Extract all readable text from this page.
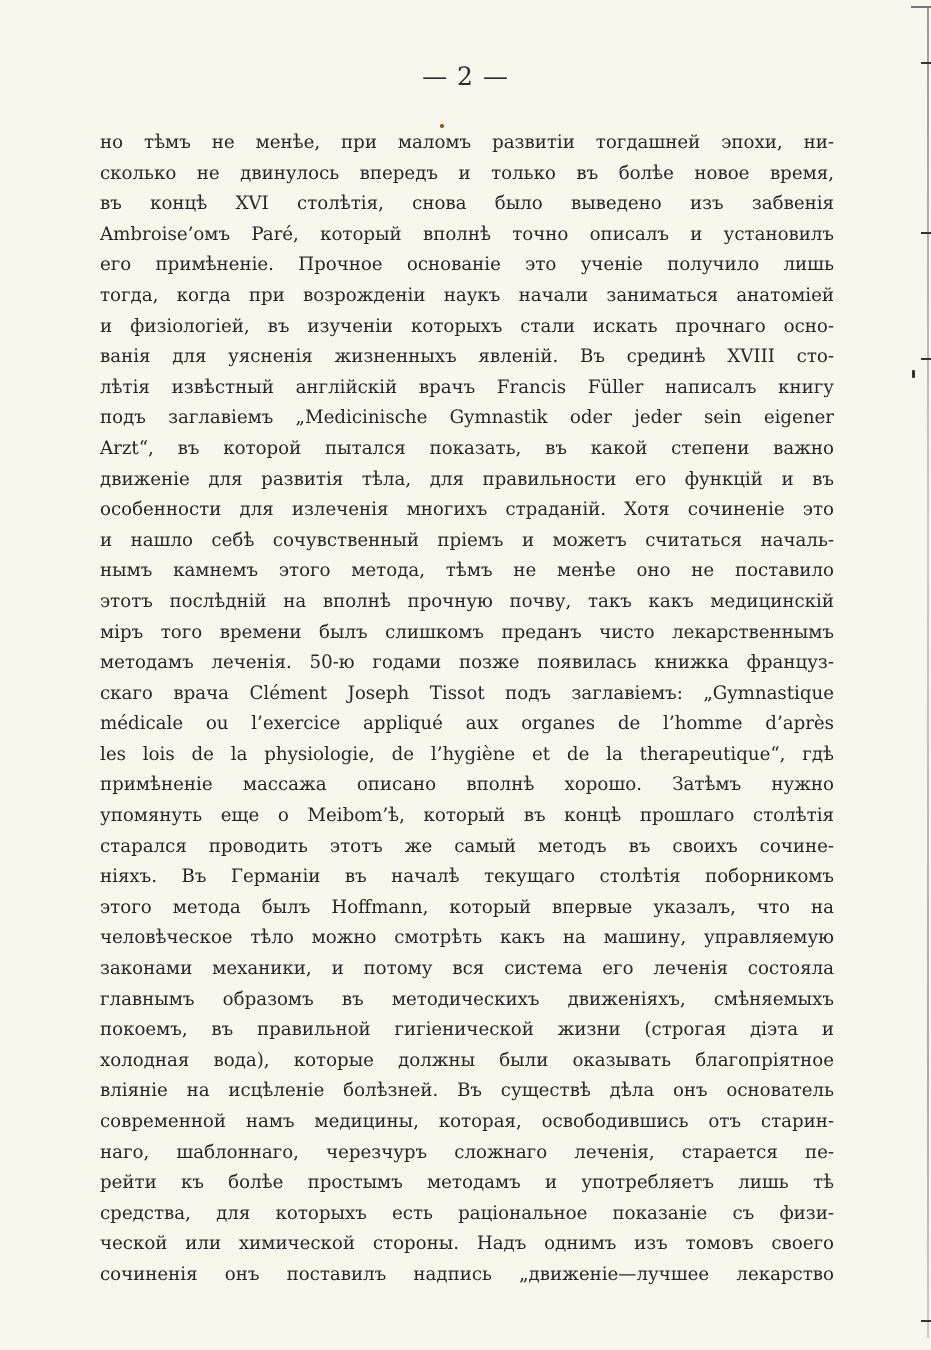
— 2 —
но тѣмъ не менѣе, при маломъ развитіи тогдашней эпохи, ни-
сколько не двинулось впередъ и только въ болѣе новое время,
въ концѣ XVI столѣтія, снова было выведено изъ забвенія
Ambroise’омъ Paré, который вполнѣ точно описалъ и установилъ
его примѣненіе. Прочное основаніе это ученіе получило лишь
тогда, когда при возрожденіи наукъ начали заниматься анатоміей
и физіологіей, въ изученіи которыхъ стали искать прочнаго осно-
ванія для уясненія жизненныхъ явленій. Въ срединѣ XVIII сто-
лѣтія извѣстный англійскій врачъ Francis Füller написалъ книгу
подъ заглавіемъ „Medicinische Gymnastik oder jeder sein eigener
Arzt“, въ которой пытался показать, въ какой степени важно
движеніе для развитія тѣла, для правильности его функцій и въ
особенности для излеченія многихъ страданій. Хотя сочиненіе это
и нашло себѣ сочувственный пріемъ и можетъ считаться началь-
нымъ камнемъ этого метода, тѣмъ не менѣе оно не поставило
этотъ послѣдній на вполнѣ прочную почву, такъ какъ медицинскій
міръ того времени былъ слишкомъ преданъ чисто лекарственнымъ
методамъ леченія. 50-ю годами позже появилась книжка француз-
скаго врача Clément Joseph Tissot подъ заглавіемъ: „Gymnastique
médicale ou l’exercice appliqué aux organes de l’homme d’après
les lois de la physiologie, de l’hygiène et de la therapeutique“, гдѣ
примѣненіе массажа описано вполнѣ хорошо. Затѣмъ нужно
упомянуть еще о Meibom’ѣ, который въ концѣ прошлаго столѣтія
старался проводить этотъ же самый методъ въ своихъ сочине-
ніяхъ. Въ Германіи въ началѣ текущаго столѣтія поборникомъ
этого метода былъ Hoffmann, который впервые указалъ, что на
человѣческое тѣло можно смотрѣть какъ на машину, управляемую
законами механики, и потому вся система его леченія состояла
главнымъ образомъ въ методическихъ движеніяхъ, смѣняемыхъ
покоемъ, въ правильной гигіенической жизни (строгая діэта и
холодная вода), которые должны были оказывать благопріятное
вліяніе на исцѣленіе болѣзней. Въ существѣ дѣла онъ основатель
современной намъ медицины, которая, освободившись отъ старин-
наго, шаблоннаго, черезчуръ сложнаго леченія, старается пе-
рейти къ болѣе простымъ методамъ и употребляетъ лишь тѣ
средства, для которыхъ есть раціональное показаніе съ физи-
ческой или химической стороны. Надъ однимъ изъ томовъ своего
сочиненія онъ поставилъ надпись „движеніе—лучшее лекарство
